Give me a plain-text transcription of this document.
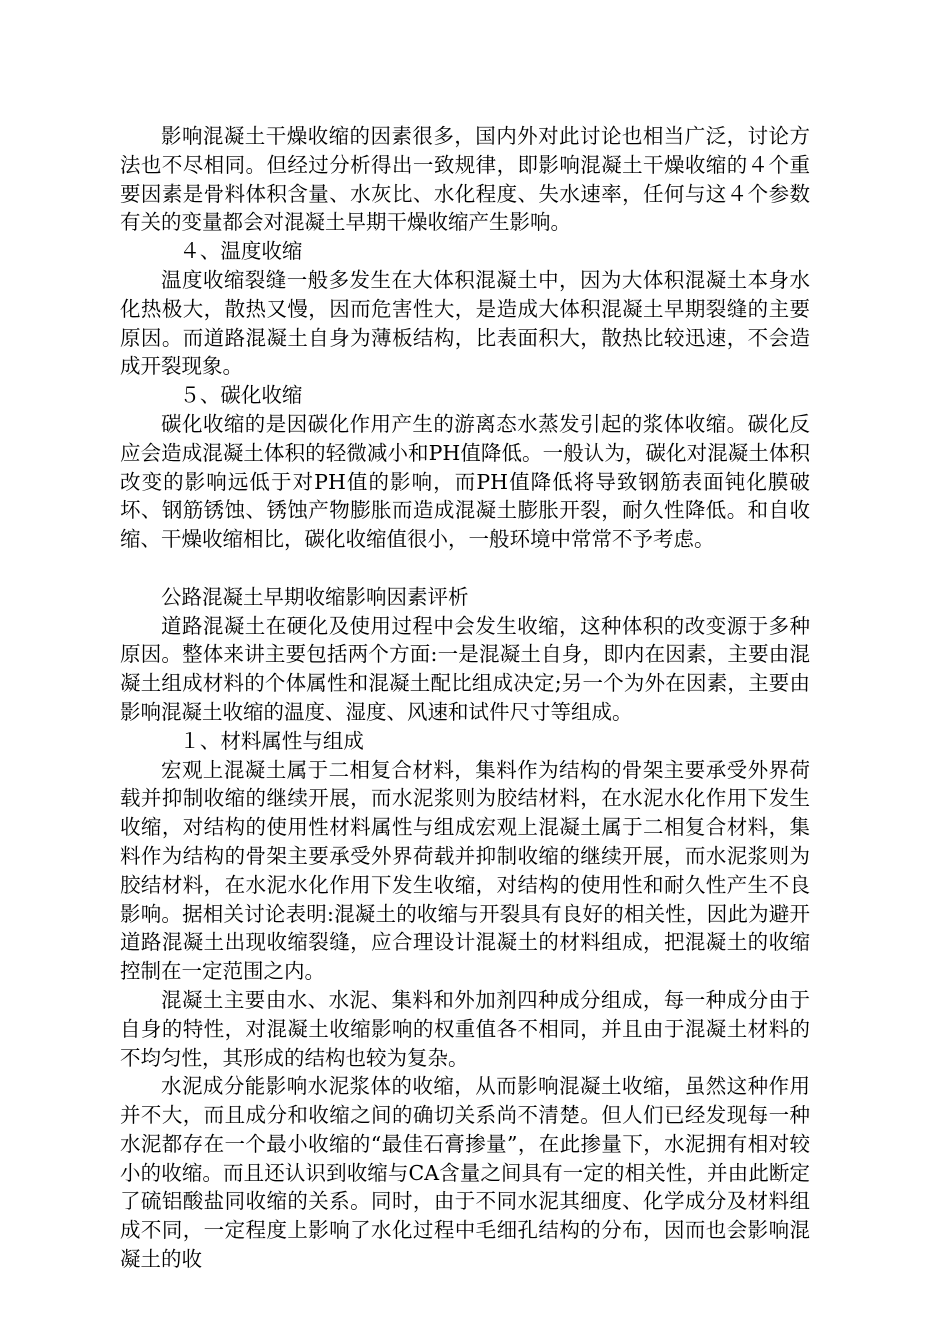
影响混凝土干燥收缩的因素很多，国内外对此讨论也相当广泛，讨论方法也不尽相同。但经过分析得出一致规律，即影响混凝土干燥收缩的４个重要因素是骨料体积含量、水灰比、水化程度、失水速率，任何与这４个参数有关的变量都会对混凝土早期干燥收缩产生影响。

４、温度收缩

温度收缩裂缝一般多发生在大体积混凝土中，因为大体积混凝土本身水化热极大，散热又慢，因而危害性大，是造成大体积混凝土早期裂缝的主要原因。而道路混凝土自身为薄板结构，比表面积大，散热比较迅速，不会造成开裂现象。

５、碳化收缩

碳化收缩的是因碳化作用产生的游离态水蒸发引起的浆体收缩。碳化反应会造成混凝土体积的轻微减小和PH值降低。一般认为，碳化对混凝土体积改变的影响远低于对PH值的影响，而PH值降低将导致钢筋表面钝化膜破坏、钢筋锈蚀、锈蚀产物膨胀而造成混凝土膨胀开裂，耐久性降低。和自收缩、干燥收缩相比，碳化收缩值很小，一般环境中常常不予考虑。

公路混凝土早期收缩影响因素评析

道路混凝土在硬化及使用过程中会发生收缩，这种体积的改变源于多种原因。整体来讲主要包括两个方面:一是混凝土自身，即内在因素，主要由混凝土组成材料的个体属性和混凝土配比组成决定;另一个为外在因素，主要由影响混凝土收缩的温度、湿度、风速和试件尺寸等组成。

１、材料属性与组成

宏观上混凝土属于二相复合材料，集料作为结构的骨架主要承受外界荷载并抑制收缩的继续开展，而水泥浆则为胶结材料，在水泥水化作用下发生收缩，对结构的使用性材料属性与组成宏观上混凝土属于二相复合材料，集料作为结构的骨架主要承受外界荷载并抑制收缩的继续开展，而水泥浆则为胶结材料，在水泥水化作用下发生收缩，对结构的使用性和耐久性产生不良影响。据相关讨论表明:混凝土的收缩与开裂具有良好的相关性，因此为避开道路混凝土出现收缩裂缝，应合理设计混凝土的材料组成，把混凝土的收缩控制在一定范围之内。

混凝土主要由水、水泥、集料和外加剂四种成分组成，每一种成分由于自身的特性，对混凝土收缩影响的权重值各不相同，并且由于混凝土材料的不均匀性，其形成的结构也较为复杂。

水泥成分能影响水泥浆体的收缩，从而影响混凝土收缩，虽然这种作用并不大，而且成分和收缩之间的确切关系尚不清楚。但人们已经发现每一种水泥都存在一个最小收缩的“最佳石膏掺量”，在此掺量下，水泥拥有相对较小的收缩。而且还认识到收缩与CA含量之间具有一定的相关性，并由此断定了硫铝酸盐同收缩的关系。同时，由于不同水泥其细度、化学成分及材料组成不同，一定程度上影响了水化过程中毛细孔结构的分布，因而也会影响混凝土的收
